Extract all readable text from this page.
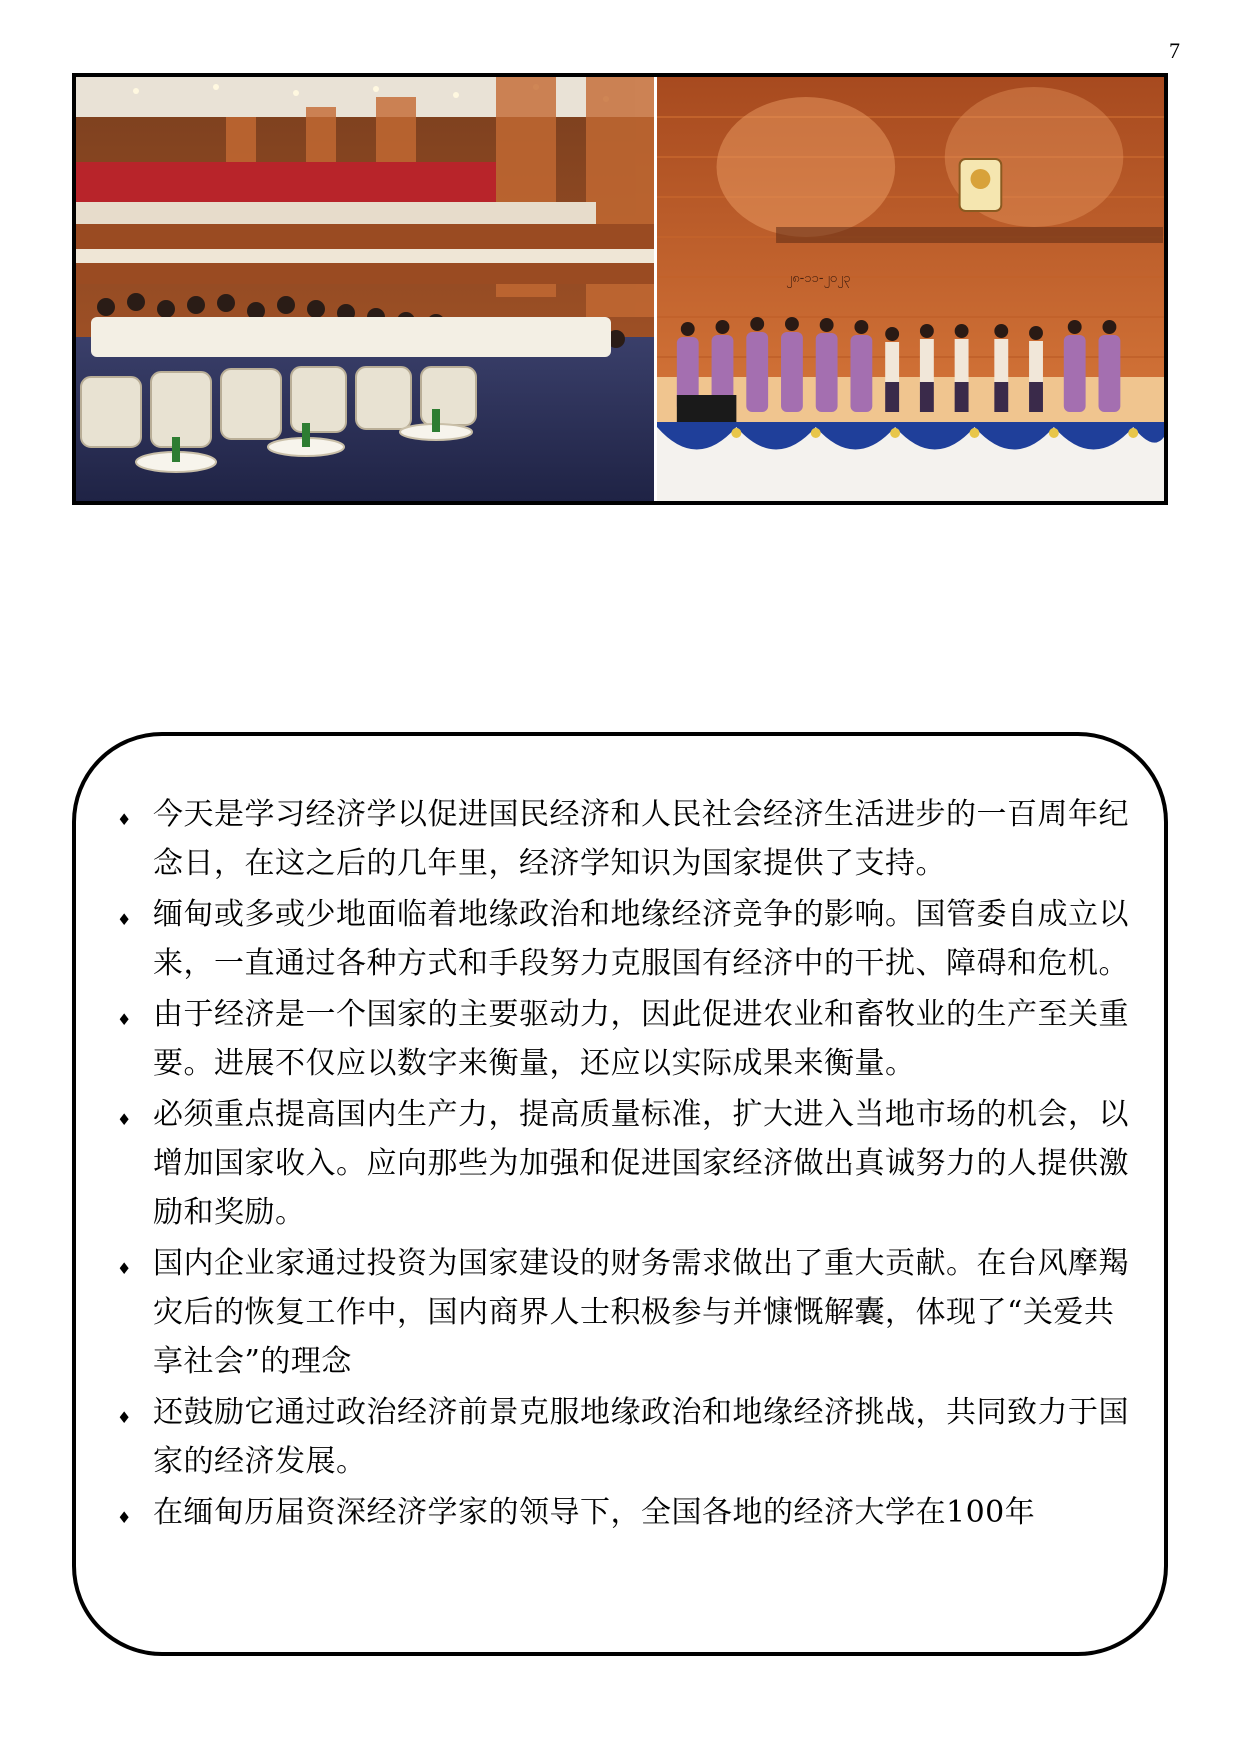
7
၂၈-၁၁-၂၀၂၃
♦ 今天是学习经济学以促进国民经济和人民社会经济生活进步的一百周年纪念日，在这之后的几年里，经济学知识为国家提供了支持。
♦ 缅甸或多或少地面临着地缘政治和地缘经济竞争的影响。国管委自成立以来，一直通过各种方式和手段努力克服国有经济中的干扰、障碍和危机。
♦ 由于经济是一个国家的主要驱动力，因此促进农业和畜牧业的生产至关重要。进展不仅应以数字来衡量，还应以实际成果来衡量。
♦ 必须重点提高国内生产力，提高质量标准，扩大进入当地市场的机会，以增加国家收入。应向那些为加强和促进国家经济做出真诚努力的人提供激励和奖励。
♦ 国内企业家通过投资为国家建设的财务需求做出了重大贡献。在台风摩羯灾后的恢复工作中，国内商界人士积极参与并慷慨解囊，体现了“关爱共享社会”的理念
♦ 还鼓励它通过政治经济前景克服地缘政治和地缘经济挑战，共同致力于国家的经济发展。
♦ 在缅甸历届资深经济学家的领导下，全国各地的经济大学在100年
